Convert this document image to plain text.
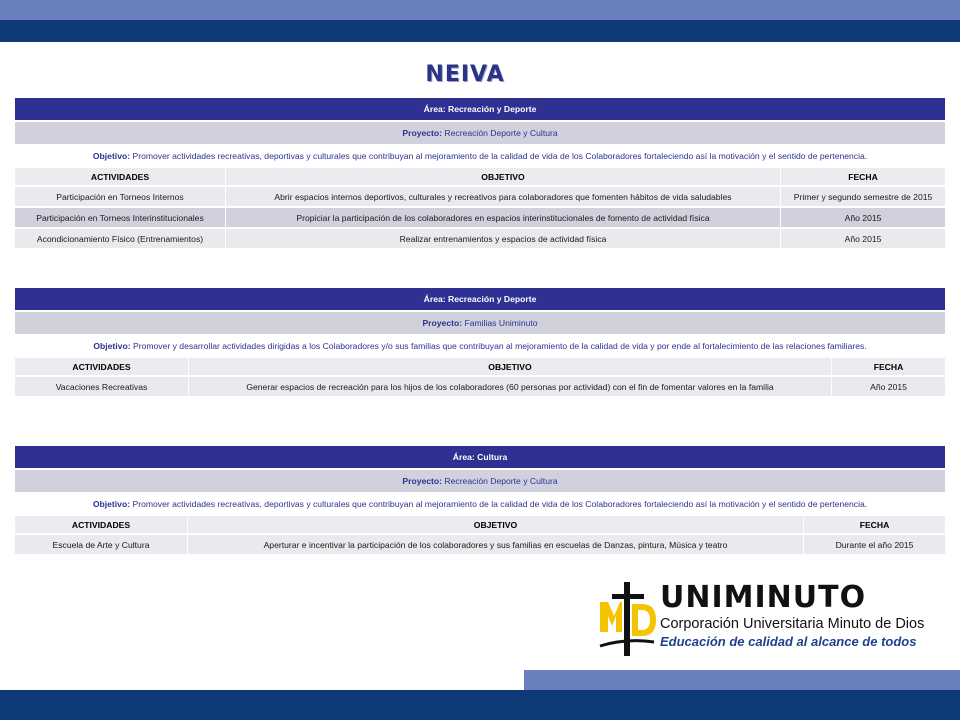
NEIVA
Área: Recreación y Deporte		
Proyecto: Recreación Deporte y Cultura		
Objetivo: Promover actividades recreativas, deportivas y culturales que contribuyan al mejoramiento de la calidad de vida de los Colaboradores fortaleciendo así la motivación y el sentido de pertenencia.		
ACTIVIDADES	OBJETIVO	FECHA
Participación en Torneos Internos	Abrir espacios internos deportivos, culturales y recreativos para colaboradores que fomenten hábitos de vida saludables	Primer y segundo semestre de 2015
Participación en Torneos Interinstitucionales	Propiciar la participación de los colaboradores en espacios interinstitucionales de fomento de actividad física	Año 2015
Acondicionamiento Físico (Entrenamientos)	Realizar entrenamientos y espacios de actividad física	Año 2015
Área: Recreación y Deporte		
Proyecto: Familias Uniminuto		
Objetivo: Promover y desarrollar actividades dirigidas a los Colaboradores y/o sus familias que contribuyan al mejoramiento de la calidad de vida y por ende al fortalecimiento de las relaciones familiares.		
ACTIVIDADES	OBJETIVO	FECHA
Vacaciones Recreativas	Generar espacios de recreación para los hijos de los colaboradores (60 personas por actividad) con el fin de fomentar valores en la familia	Año 2015
Área: Cultura		
Proyecto: Recreación Deporte y Cultura		
Objetivo: Promover actividades recreativas, deportivas y culturales que contribuyan al mejoramiento de la calidad de vida de los Colaboradores fortaleciendo así la motivación y el sentido de pertenencia.		
ACTIVIDADES	OBJETIVO	FECHA
Escuela de Arte y Cultura	Aperturar e incentivar la participación de los colaboradores y sus familias en escuelas de Danzas, pintura, Música y teatro	Durante el año 2015
UNIMINUTO
Corporación Universitaria Minuto de Dios
Educación de calidad al alcance de todos
